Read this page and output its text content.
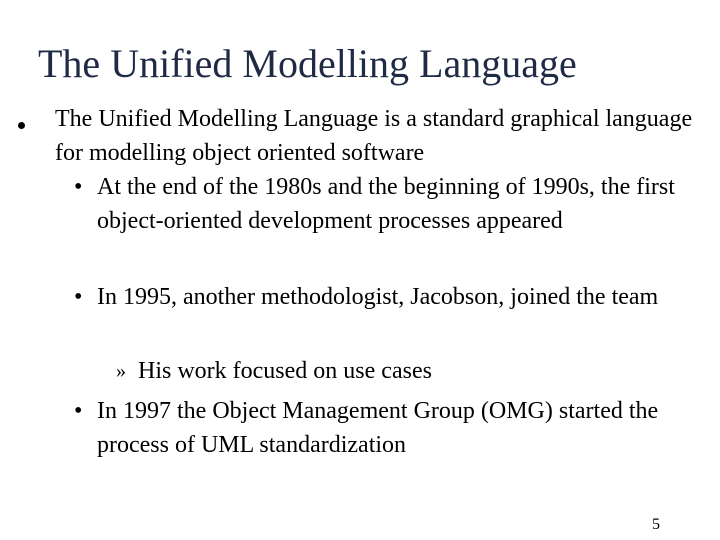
The Unified Modelling Language
The Unified Modelling Language is a standard graphical language for modelling object oriented software
• At the end of the 1980s and the beginning of 1990s, the first object-oriented development processes appeared
• In 1995, another methodologist, Jacobson, joined the team
» His work focused on use cases
• In 1997 the Object Management Group (OMG) started the process of UML standardization
5
